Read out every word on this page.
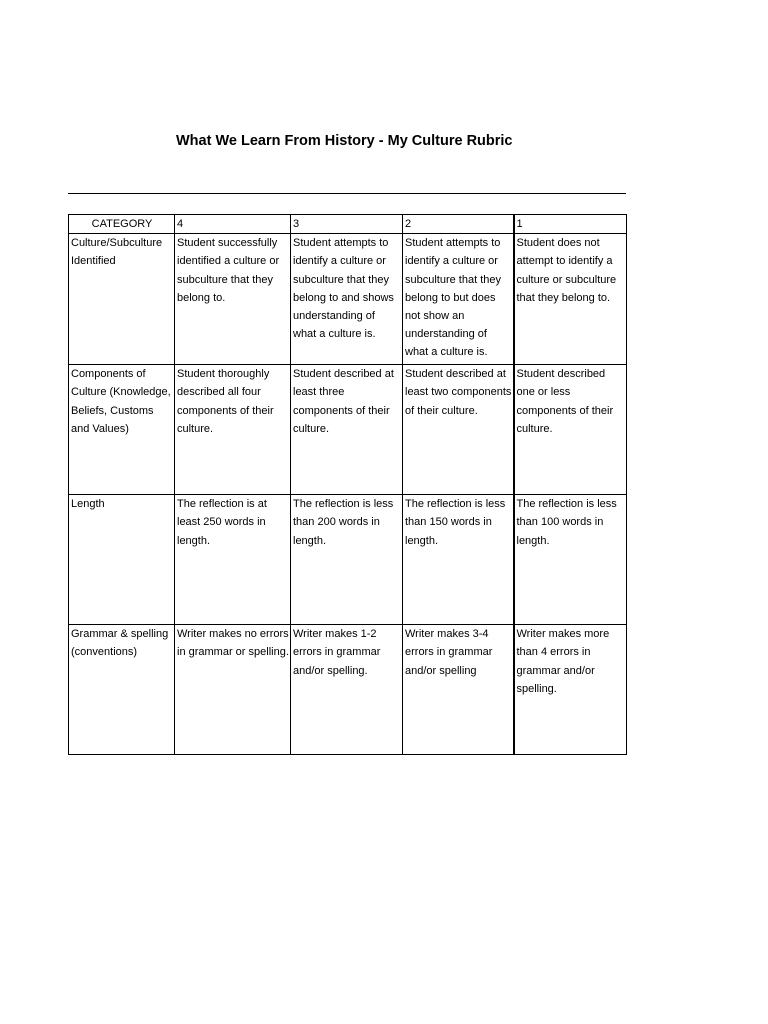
What We Learn From History - My Culture Rubric
CATEGORY	4	3	2	1
Culture/Subculture Identified	Student successfully identified a culture or subculture that they belong to.	Student attempts to identify a culture or subculture that they belong to and shows understanding of what a culture is.	Student attempts to identify a culture or subculture that they belong to but does not show an understanding of what a culture is.	Student does not attempt to identify a culture or subculture that they belong to.
Components of Culture (Knowledge, Beliefs, Customs and Values)	Student thoroughly described all four components of their culture.	Student described at least three components of their culture.	Student described at least two components of their culture.	Student described one or less components of their culture.
Length	The reflection is at least 250 words in length.	The reflection is less than 200 words in length.	The reflection is less than 150 words in length.	The reflection is less than 100 words in length.
Grammar & spelling (conventions)	Writer makes no errors in grammar or spelling.	Writer makes 1-2 errors in grammar and/or spelling.	Writer makes 3-4 errors in grammar and/or spelling	Writer makes more than 4 errors in grammar and/or spelling.
